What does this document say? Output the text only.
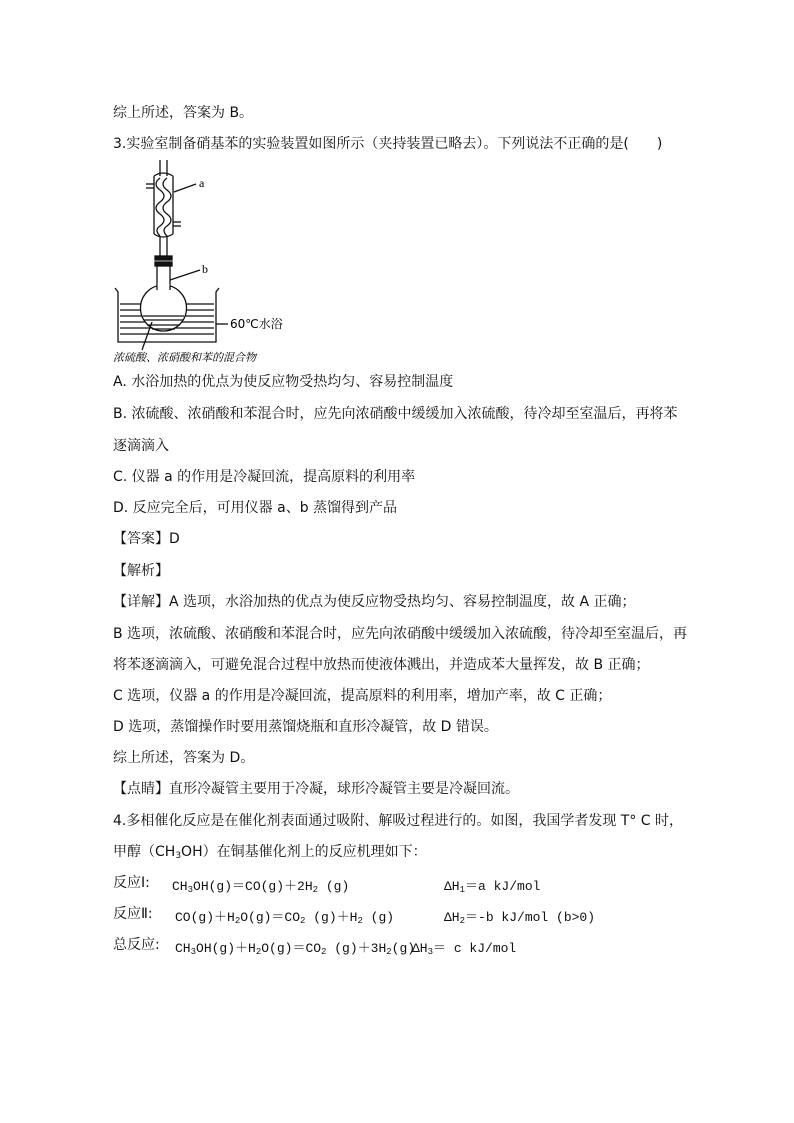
综上所述，答案为 B。
3.实验室制备硝基苯的实验装置如图所示（夹持装置已略去）。下列说法不正确的是(　　)
a
b
60℃水浴
浓硫酸、浓硝酸和苯的混合物
A. 水浴加热的优点为使反应物受热均匀、容易控制温度
B. 浓硫酸、浓硝酸和苯混合时，应先向浓硝酸中缓缓加入浓硫酸，待冷却至室温后，再将苯
逐滴滴入
C. 仪器 a 的作用是冷凝回流，提高原料的利用率
D. 反应完全后，可用仪器 a、b 蒸馏得到产品
【答案】D
【解析】
【详解】A 选项，水浴加热的优点为使反应物受热均匀、容易控制温度，故 A 正确；
B 选项，浓硫酸、浓硝酸和苯混合时，应先向浓硝酸中缓缓加入浓硫酸，待冷却至室温后，再
将苯逐滴滴入，可避免混合过程中放热而使液体溅出，并造成苯大量挥发，故 B 正确；
C 选项，仪器 a 的作用是冷凝回流，提高原料的利用率，增加产率，故 C 正确；
D 选项，蒸馏操作时要用蒸馏烧瓶和直形冷凝管，故 D 错误。
综上所述，答案为 D。
【点睛】直形冷凝管主要用于冷凝，球形冷凝管主要是冷凝回流。
4.多相催化反应是在催化剂表面通过吸附、解吸过程进行的。如图，我国学者发现 T° C 时，
甲醇$(CH_3OH)$在铜基催化剂上的反应机理如下：
反应Ⅰ: $CH_3OH(g)=CO(g)+2H_2$ (g)	$\Delta H_1=a$ kJ/mol
反应Ⅱ: $CO(g)+H_2O(g)=CO_2$ $(g)+H_2$ (g)	$\Delta H_2=-b$ kJ/mol (b>0)
总反应: $CH_3OH(g)+H_2O(g)=CO_2$ $(g)+3H_2(g)$
$\Delta H_3= c$ kJ/mol
